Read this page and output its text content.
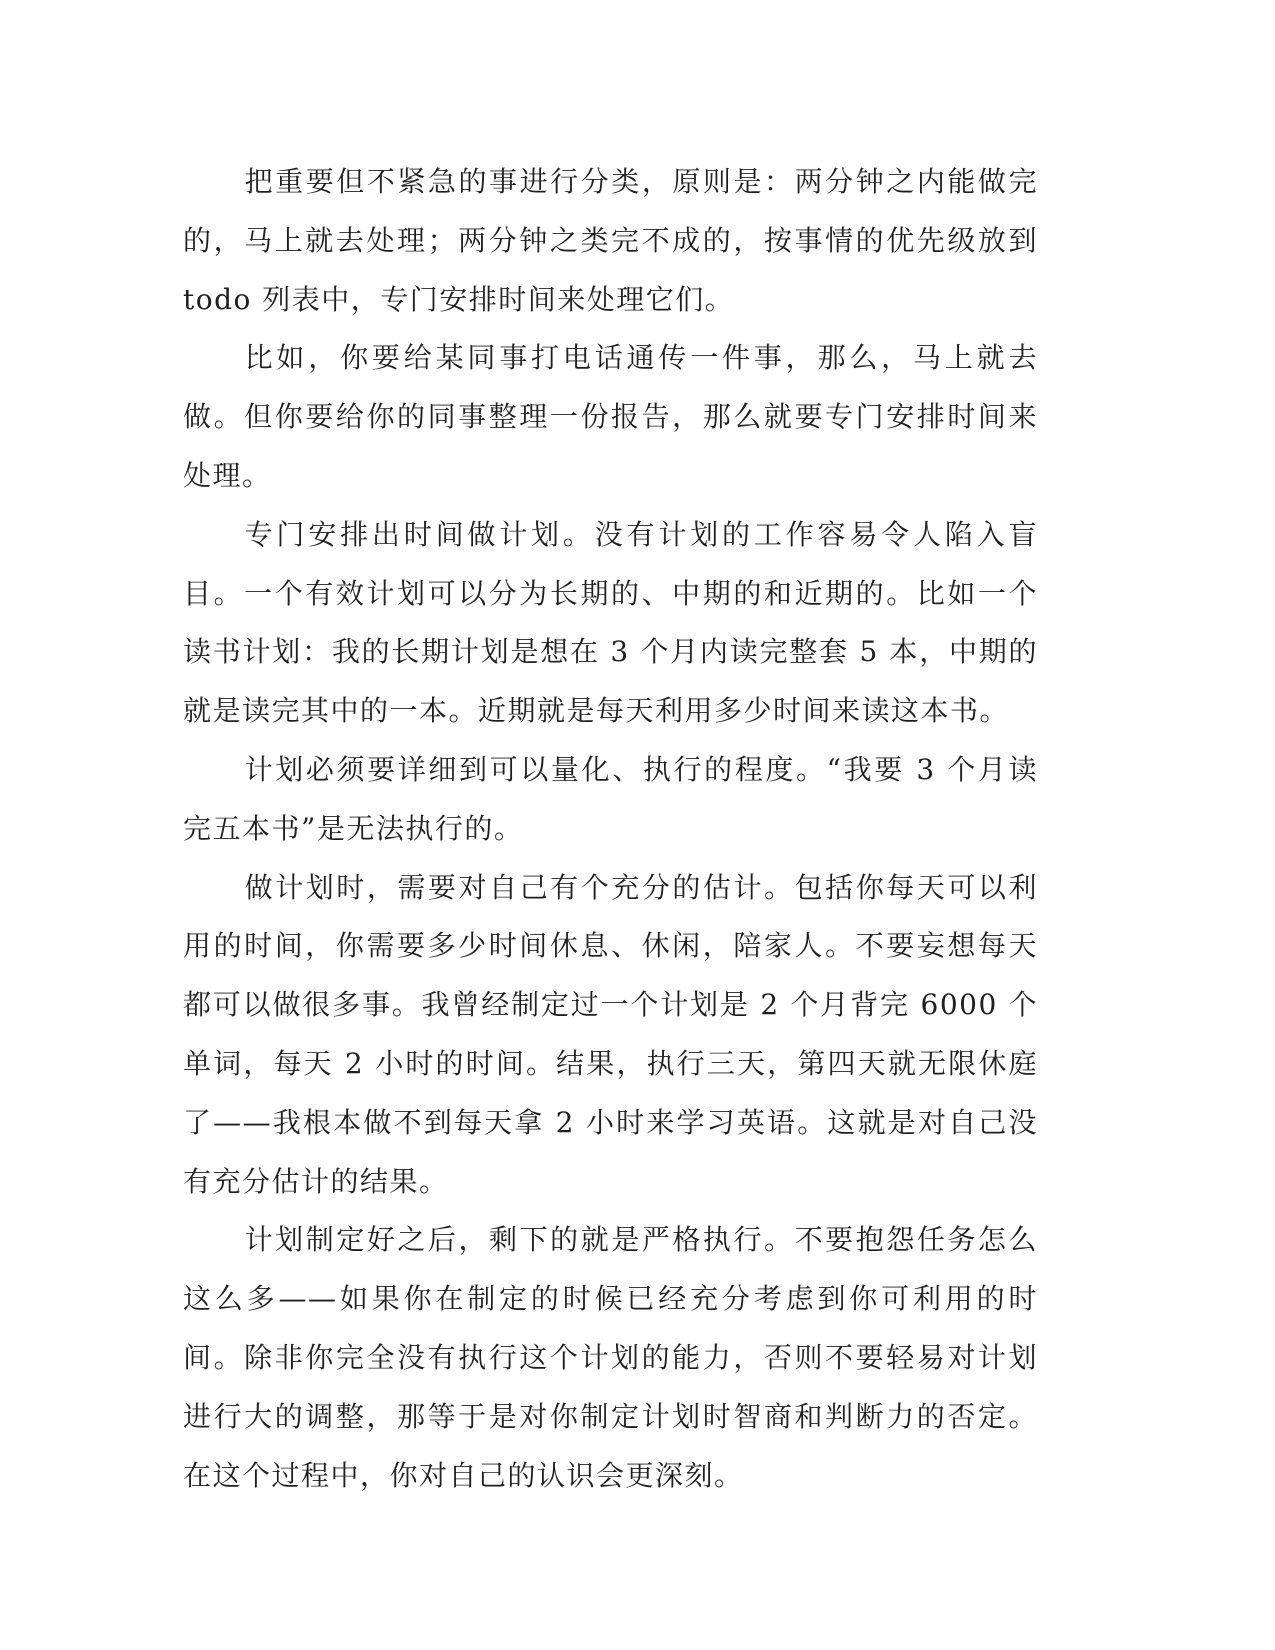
把重要但不紧急的事进行分类，原则是：两分钟之内能做完的，马上就去处理；两分钟之类完不成的，按事情的优先级放到 todo 列表中，专门安排时间来处理它们。

比如，你要给某同事打电话通传一件事，那么，马上就去做。但你要给你的同事整理一份报告，那么就要专门安排时间来处理。

专门安排出时间做计划。没有计划的工作容易令人陷入盲目。一个有效计划可以分为长期的、中期的和近期的。比如一个读书计划：我的长期计划是想在 3 个月内读完整套 5 本，中期的就是读完其中的一本。近期就是每天利用多少时间来读这本书。

计划必须要详细到可以量化、执行的程度。“我要 3 个月读完五本书”是无法执行的。

做计划时，需要对自己有个充分的估计。包括你每天可以利用的时间，你需要多少时间休息、休闲，陪家人。不要妄想每天都可以做很多事。我曾经制定过一个计划是 2 个月背完 6000 个单词，每天 2 小时的时间。结果，执行三天，第四天就无限休庭了——我根本做不到每天拿 2 小时来学习英语。这就是对自己没有充分估计的结果。

计划制定好之后，剩下的就是严格执行。不要抱怨任务怎么这么多——如果你在制定的时候已经充分考虑到你可利用的时间。除非你完全没有执行这个计划的能力，否则不要轻易对计划进行大的调整，那等于是对你制定计划时智商和判断力的否定。在这个过程中，你对自己的认识会更深刻。
